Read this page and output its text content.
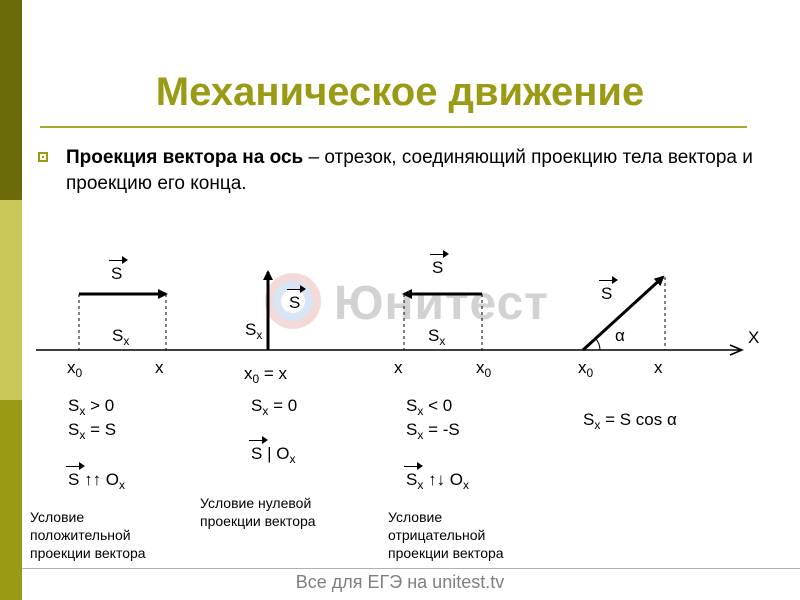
Механическое движение
Проекция вектора на ось – отрезок, соединяющий проекцию тела вектора и проекцию его конца.
Юнитест
X
S
$S_x$
$x_0$	x
$S_x > 0$
$S_x = S$
S ↑↑ $O_x$
Условие
положительной
проекции вектора
S
$S_x$
$x_0 = x$
$S_x = 0$
S | $O_x$
Условие нулевой
проекции вектора
S
$S_x$
x	$x_0$
$S_x < 0$
$S_x = -S$
$S_x$ ↑↓ $O_x$
Условие
отрицательной
проекции вектора
S
α
$x_0$	x
$S_x = S$ cos α
Все для ЕГЭ на unitest.tv
